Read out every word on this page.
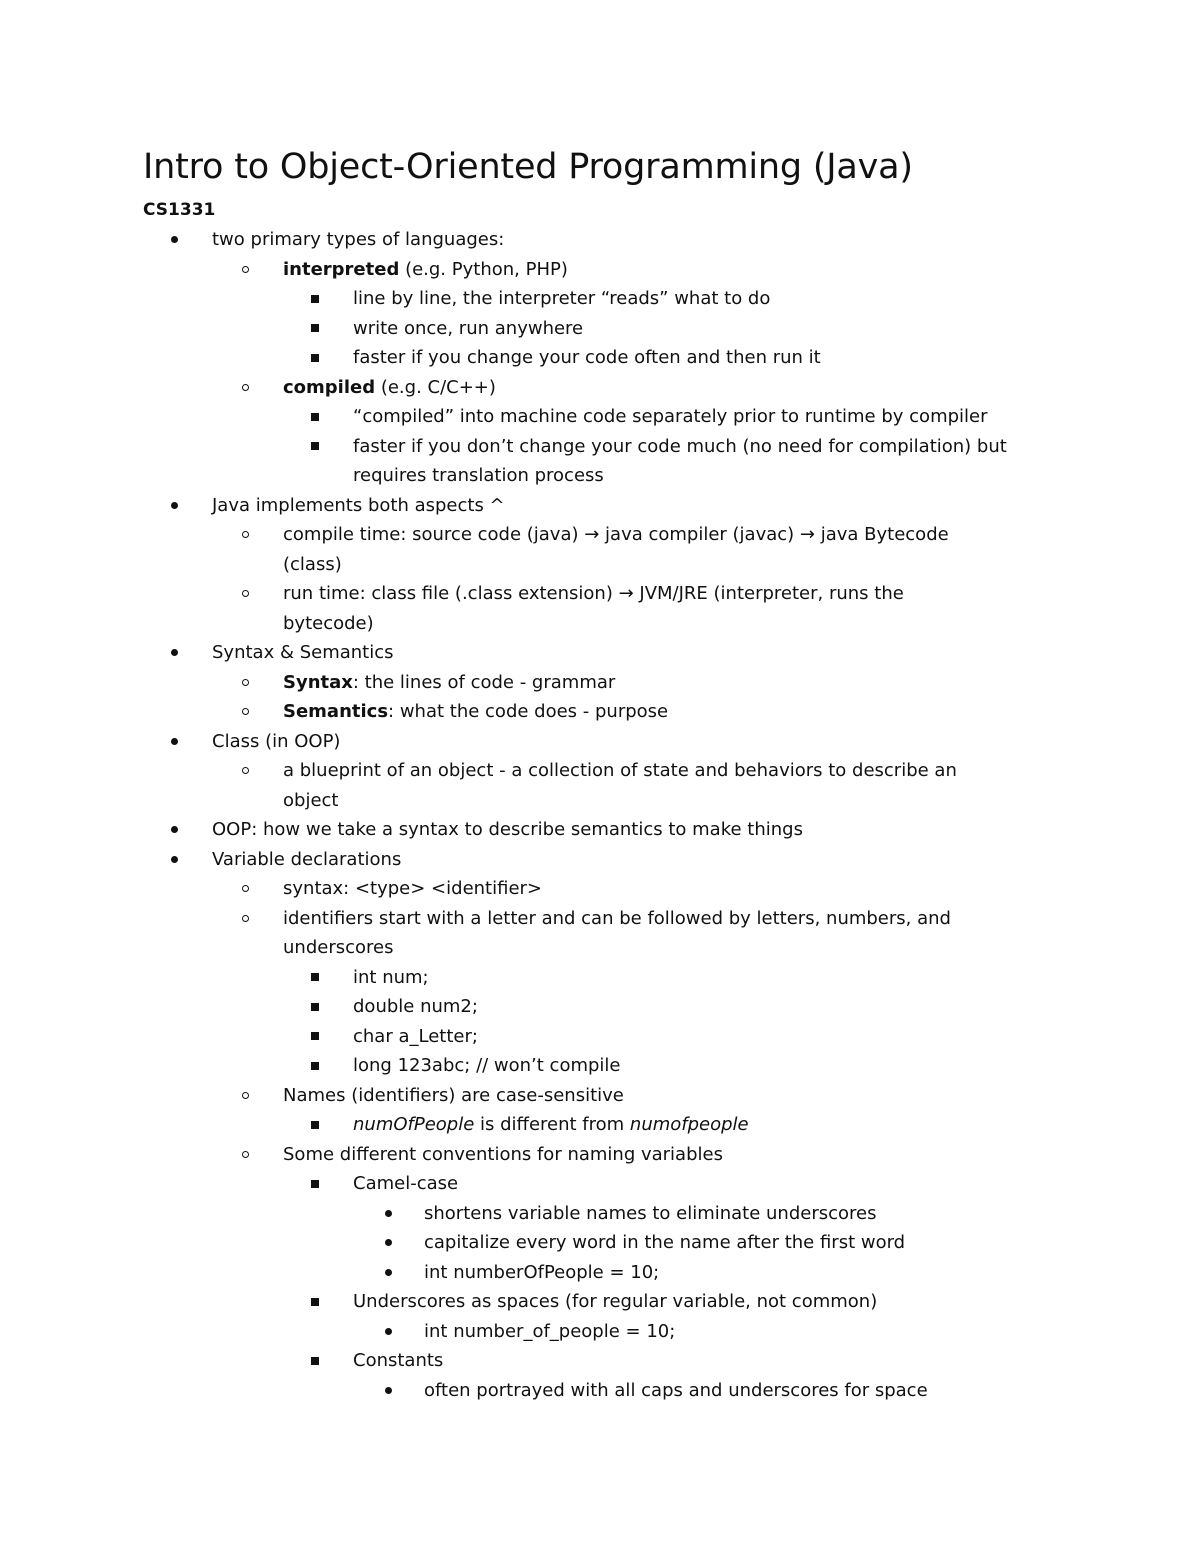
Intro to Object-Oriented Programming (Java)
CS1331
two primary types of languages:
interpreted (e.g. Python, PHP)
line by line, the interpreter “reads” what to do
write once, run anywhere
faster if you change your code often and then run it
compiled (e.g. C/C++)
“compiled” into machine code separately prior to runtime by compiler
faster if you don’t change your code much (no need for compilation) but
requires translation process
Java implements both aspects ^
compile time: source code (java) → java compiler (javac) → java Bytecode
(class)
run time: class file (.class extension) → JVM/JRE (interpreter, runs the
bytecode)
Syntax & Semantics
Syntax: the lines of code - grammar
Semantics: what the code does - purpose
Class (in OOP)
a blueprint of an object - a collection of state and behaviors to describe an
object
OOP: how we take a syntax to describe semantics to make things
Variable declarations
syntax: <type> <identifier>
identifiers start with a letter and can be followed by letters, numbers, and
underscores
int num;
double num2;
char a_Letter;
long 123abc; // won’t compile
Names (identifiers) are case-sensitive
numOfPeople is different from numofpeople
Some different conventions for naming variables
Camel-case
shortens variable names to eliminate underscores
capitalize every word in the name after the first word
int numberOfPeople = 10;
Underscores as spaces (for regular variable, not common)
int number_of_people = 10;
Constants
often portrayed with all caps and underscores for space
